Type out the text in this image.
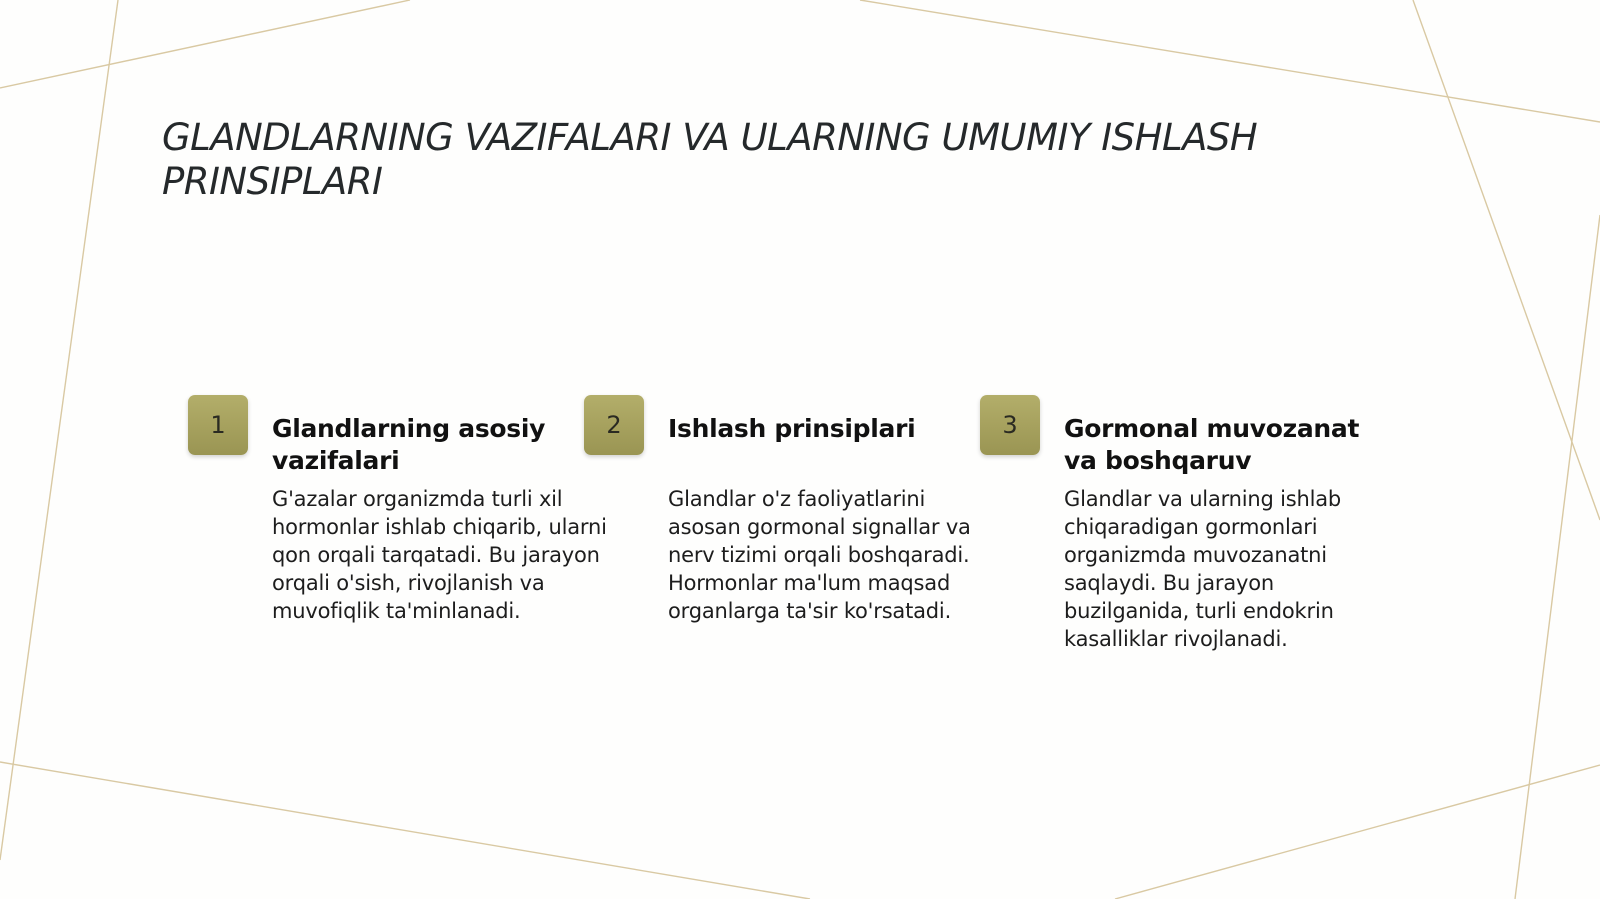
GLANDLARNING VAZIFALARI VA ULARNING UMUMIY ISHLASH PRINSIPLARI
1	Glandlarning asosiy vazifalari

G'azalar organizmda turli xil hormonlar ishlab chiqarib, ularni qon orqali tarqatadi. Bu jarayon orqali o'sish, rivojlanish va muvofiqlik ta'minlanadi.

2	Ishlash prinsiplari

Glandlar o'z faoliyatlarini asosan gormonal signallar va nerv tizimi orqali boshqaradi. Hormonlar ma'lum maqsad organlarga ta'sir ko'rsatadi.

3	Gormonal muvozanat va boshqaruv

Glandlar va ularning ishlab chiqaradigan gormonlari organizmda muvozanatni saqlaydi. Bu jarayon buzilganida, turli endokrin kasalliklar rivojlanadi.
